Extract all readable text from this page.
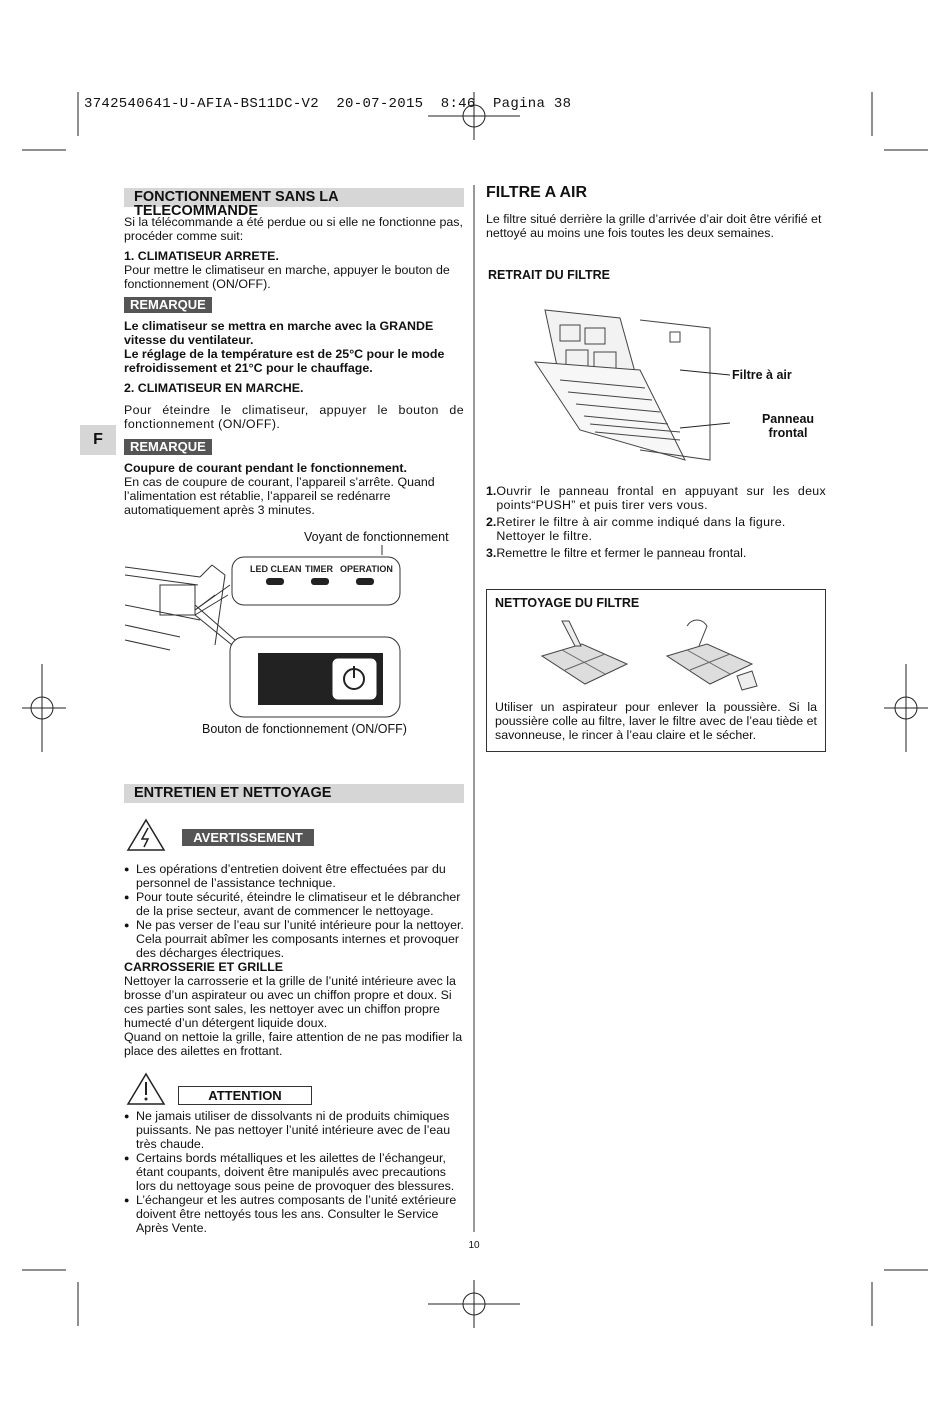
3742540641-U-AFIA-BS11DC-V2 20-07-2015 8:46 Pagina 38
F
FONCTIONNEMENT SANS LA TELECOMMANDE

Si la télécommande a été perdue ou si elle ne fonctionne pas, procéder comme suit:

1. CLIMATISEUR ARRETE.

Pour mettre le climatiseur en marche, appuyer le bouton de fonctionnement (ON/OFF).

REMARQUE

Le climatiseur se mettra en marche avec la GRANDE vitesse du ventilateur.

Le réglage de la température est de 25°C pour le mode refroidissement et 21°C pour le chauffage.

2. CLIMATISEUR EN MARCHE.

Pour éteindre le climatiseur, appuyer le bouton de fonctionnement (ON/OFF).

REMARQUE

Coupure de courant pendant le fonctionnement.

En cas de coupure de courant, l’appareil s’arrête. Quand l’alimentation est rétablie, l’appareil se redénarre automatiquement après 3 minutes.

Voyant de fonctionnement
LED CLEAN TIMER OPERATION
Bouton de fonctionnement (ON/OFF)
ENTRETIEN ET NETTOYAGE
AVERTISSEMENT
● Les opérations d’entretien doivent être effectuées par du personnel de l’assistance technique.
● Pour toute sécurité, éteindre le climatiseur et le débrancher de la prise secteur, avant de commencer le nettoyage.
● Ne pas verser de l’eau sur l’unité intérieure pour la nettoyer. Cela pourrait abîmer les composants internes et provoquer des décharges électriques.

CARROSSERIE ET GRILLE

Nettoyer la carrosserie et la grille de l’unité intérieure avec la brosse d’un aspirateur ou avec un chiffon propre et doux. Si ces parties sont sales, les nettoyer avec un chiffon propre humecté d’un détergent liquide doux.

Quand on nettoie la grille, faire attention de ne pas modifier la place des ailettes en frottant.

ATTENTION
● Ne jamais utiliser de dissolvants ni de produits chimiques puissants. Ne pas nettoyer l’unité intérieure avec de l’eau très chaude.
● Certains bords métalliques et les ailettes de l’échangeur, étant coupants, doivent être manipulés avec precautions lors du nettoyage sous peine de provoquer des blessures.
● L’échangeur et les autres composants de l’unité extérieure doivent être nettoyés tous les ans. Consulter le Service Après Vente.
FILTRE A AIR

Le filtre situé derrière la grille d’arrivée d’air doit être vérifié et nettoyé au moins une fois toutes les deux semaines.

RETRAIT DU FILTRE
Filtre à air
Panneau
frontal
1. Ouvrir le panneau frontal en appuyant sur les deux points“PUSH” et puis tirer vers vous.
2. Retirer le filtre à air comme indiqué dans la figure. Nettoyer le filtre.
3. Remettre le filtre et fermer le panneau frontal.
NETTOYAGE DU FILTRE

Utiliser un aspirateur pour enlever la poussière. Si la poussière colle au filtre, laver le filtre avec de l’eau tiède et savonneuse, le rincer à l’eau claire et le sécher.

10
